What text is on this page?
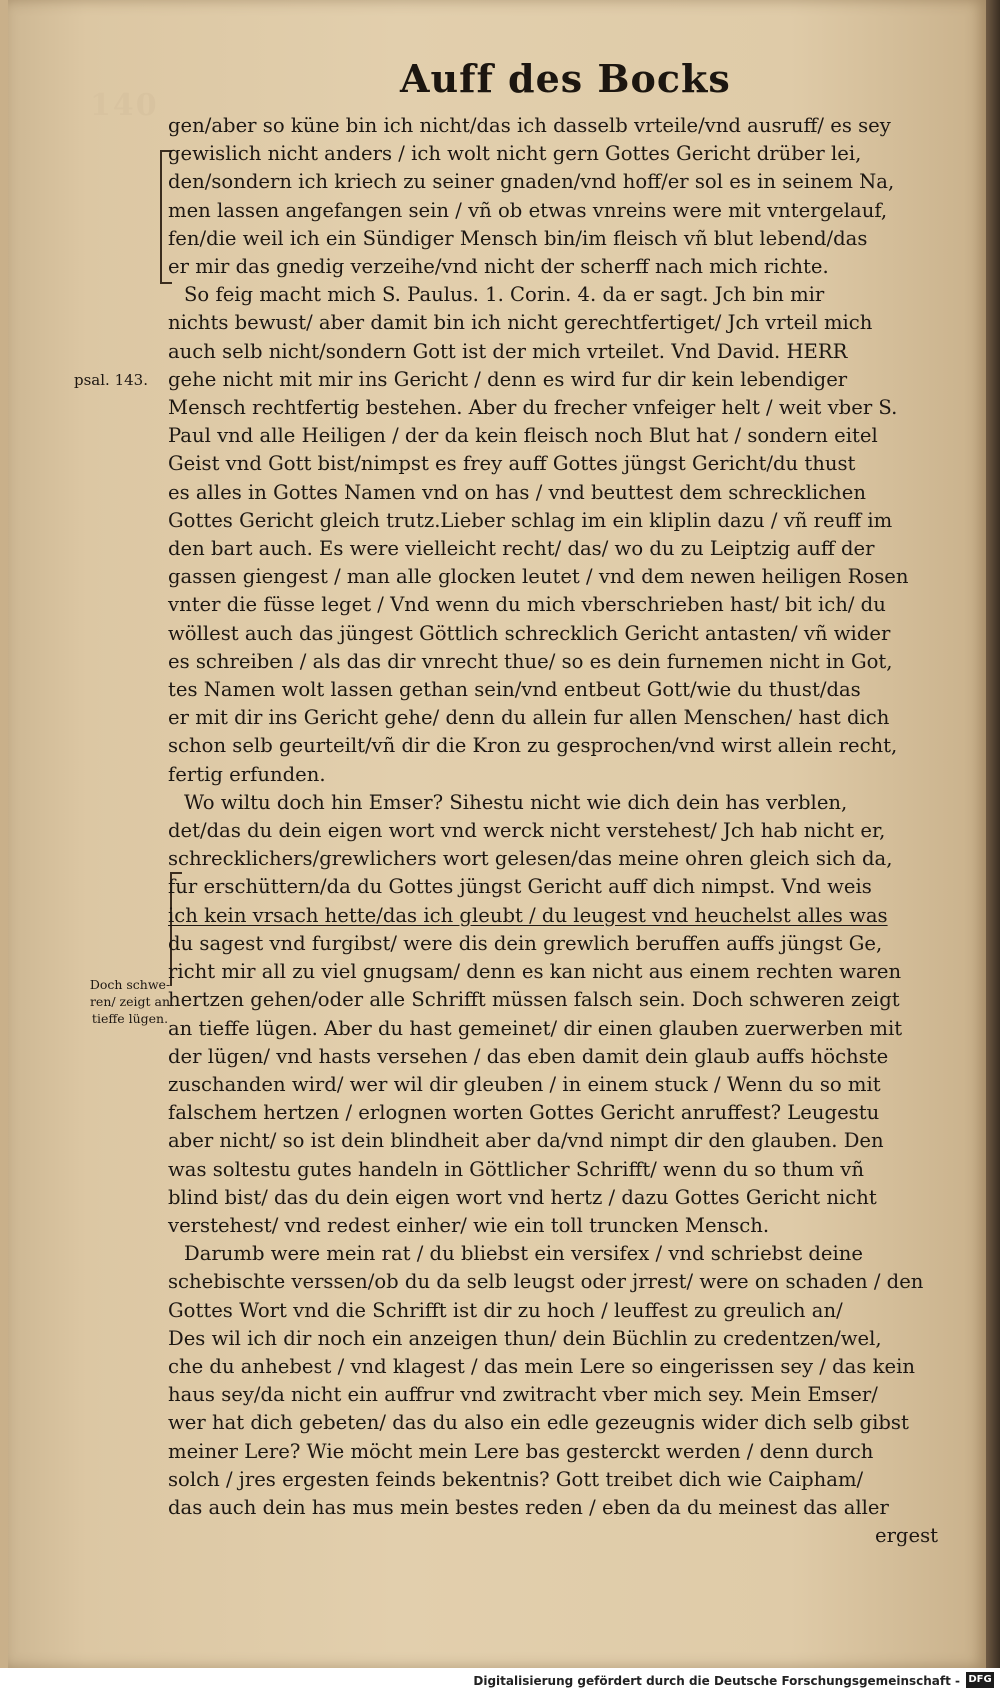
140
Auff des Bocks
psal. 143.
Doch schwe-ren/ zeigt an tieffe lügen.
gen/aber so küne bin ich nicht/das ich dasselb vrteile/vnd ausruff/ es sey
gewislich nicht anders / ich wolt nicht gern Gottes Gericht drüber lei,
den/sondern ich kriech zu seiner gnaden/vnd hoff/er sol es in seinem Na,
men lassen angefangen sein / vñ ob etwas vnreins were mit vntergelauf,
fen/die weil ich ein Sündiger Mensch bin/im fleisch vñ blut lebend/das
er mir das gnedig verzeihe/vnd nicht der scherff nach mich richte.
So feig macht mich S. Paulus. 1. Corin. 4. da er sagt. Jch bin mir
nichts bewust/ aber damit bin ich nicht gerechtfertiget/ Jch vrteil mich
auch selb nicht/sondern Gott ist der mich vrteilet. Vnd David. HERR
gehe nicht mit mir ins Gericht / denn es wird fur dir kein lebendiger
Mensch rechtfertig bestehen. Aber du frecher vnfeiger helt / weit vber S.
Paul vnd alle Heiligen / der da kein fleisch noch Blut hat / sondern eitel
Geist vnd Gott bist/nimpst es frey auff Gottes jüngst Gericht/du thust
es alles in Gottes Namen vnd on has / vnd beuttest dem schrecklichen
Gottes Gericht gleich trutz.Lieber schlag im ein kliplin dazu / vñ reuff im
den bart auch. Es were vielleicht recht/ das/ wo du zu Leiptzig auff der
gassen giengest / man alle glocken leutet / vnd dem newen heiligen Rosen
vnter die füsse leget / Vnd wenn du mich vberschrieben hast/ bit ich/ du
wöllest auch das jüngest Göttlich schrecklich Gericht antasten/ vñ wider
es schreiben / als das dir vnrecht thue/ so es dein furnemen nicht in Got,
tes Namen wolt lassen gethan sein/vnd entbeut Gott/wie du thust/das
er mit dir ins Gericht gehe/ denn du allein fur allen Menschen/ hast dich
schon selb geurteilt/vñ dir die Kron zu gesprochen/vnd wirst allein recht,
fertig erfunden.
Wo wiltu doch hin Emser? Sihestu nicht wie dich dein has verblen,
det/das du dein eigen wort vnd werck nicht verstehest/ Jch hab nicht er,
schrecklichers/grewlichers wort gelesen/das meine ohren gleich sich da,
fur erschüttern/da du Gottes jüngst Gericht auff dich nimpst. Vnd weis
ich kein vrsach hette/das ich gleubt / du leugest vnd heuchelst alles was
du sagest vnd furgibst/ were dis dein grewlich beruffen auffs jüngst Ge,
richt mir all zu viel gnugsam/ denn es kan nicht aus einem rechten waren
hertzen gehen/oder alle Schrifft müssen falsch sein. Doch schweren zeigt
an tieffe lügen. Aber du hast gemeinet/ dir einen glauben zuerwerben mit
der lügen/ vnd hasts versehen / das eben damit dein glaub auffs höchste
zuschanden wird/ wer wil dir gleuben / in einem stuck / Wenn du so mit
falschem hertzen / erlognen worten Gottes Gericht anruffest? Leugestu
aber nicht/ so ist dein blindheit aber da/vnd nimpt dir den glauben. Den
was soltestu gutes handeln in Göttlicher Schrifft/ wenn du so thum vñ
blind bist/ das du dein eigen wort vnd hertz / dazu Gottes Gericht nicht
verstehest/ vnd redest einher/ wie ein toll truncken Mensch.
Darumb were mein rat / du bliebst ein versifex / vnd schriebst deine
schebischte verssen/ob du da selb leugst oder jrrest/ were on schaden / den
Gottes Wort vnd die Schrifft ist dir zu hoch / leuffest zu greulich an/
Des wil ich dir noch ein anzeigen thun/ dein Büchlin zu credentzen/wel,
che du anhebest / vnd klagest / das mein Lere so eingerissen sey / das kein
haus sey/da nicht ein auffrur vnd zwitracht vber mich sey. Mein Emser/
wer hat dich gebeten/ das du also ein edle gezeugnis wider dich selb gibst
meiner Lere? Wie möcht mein Lere bas gesterckt werden / denn durch
solch / jres ergesten feinds bekentnis? Gott treibet dich wie Caipham/
das auch dein has mus mein bestes reden / eben da du meinest das aller
ergest
Digitalisierung gefördert durch die Deutsche Forschungsgemeinschaft - DFG
